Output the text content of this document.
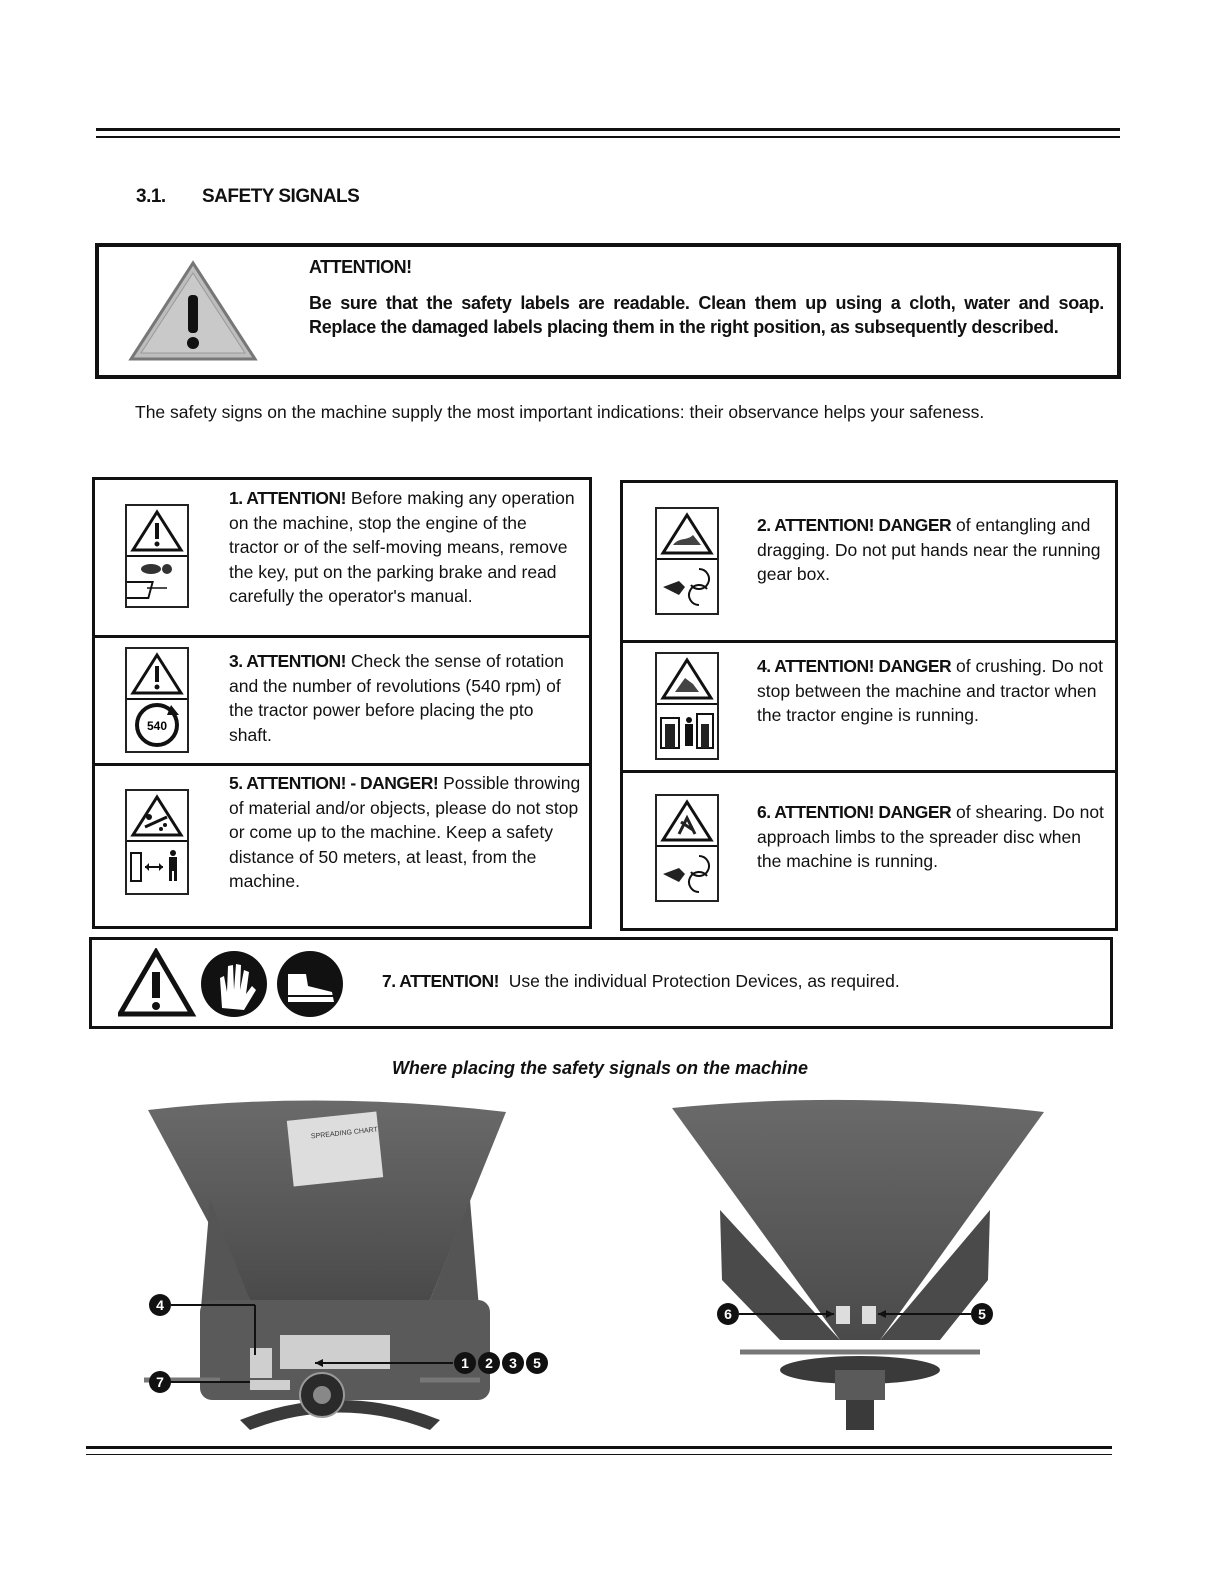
3.1. SAFETY SIGNALS
ATTENTION!
Be sure that the safety labels are readable. Clean them up using a cloth, water and soap. Replace the damaged labels placing them in the right position, as subsequently described.
The safety signs on the machine supply the most important indications: their observance helps your safeness.
1. ATTENTION! Before making any operation on the machine, stop the engine of the tractor or of the self-moving means, remove the key, put on the parking brake and read carefully the operator's manual.
540
3. ATTENTION! Check the sense of rotation and the number of revolutions (540 rpm) of the tractor power before placing the pto shaft.
5. ATTENTION! - DANGER! Possible throwing of material and/or objects, please do not stop or come up to the machine. Keep a safety distance of 50 meters, at least, from the machine.
2. ATTENTION! DANGER of entangling and dragging. Do not put hands near the running gear box.
4. ATTENTION! DANGER of crushing. Do not stop between the machine and tractor when the tractor engine is running.
6. ATTENTION! DANGER of shearing. Do not approach limbs to the spreader disc when the machine is running.
7. ATTENTION! Use the individual Protection Devices, as required.
Where placing the safety signals on the machine
SPREADING CHART
4
7
1 2 3 5
6	5
